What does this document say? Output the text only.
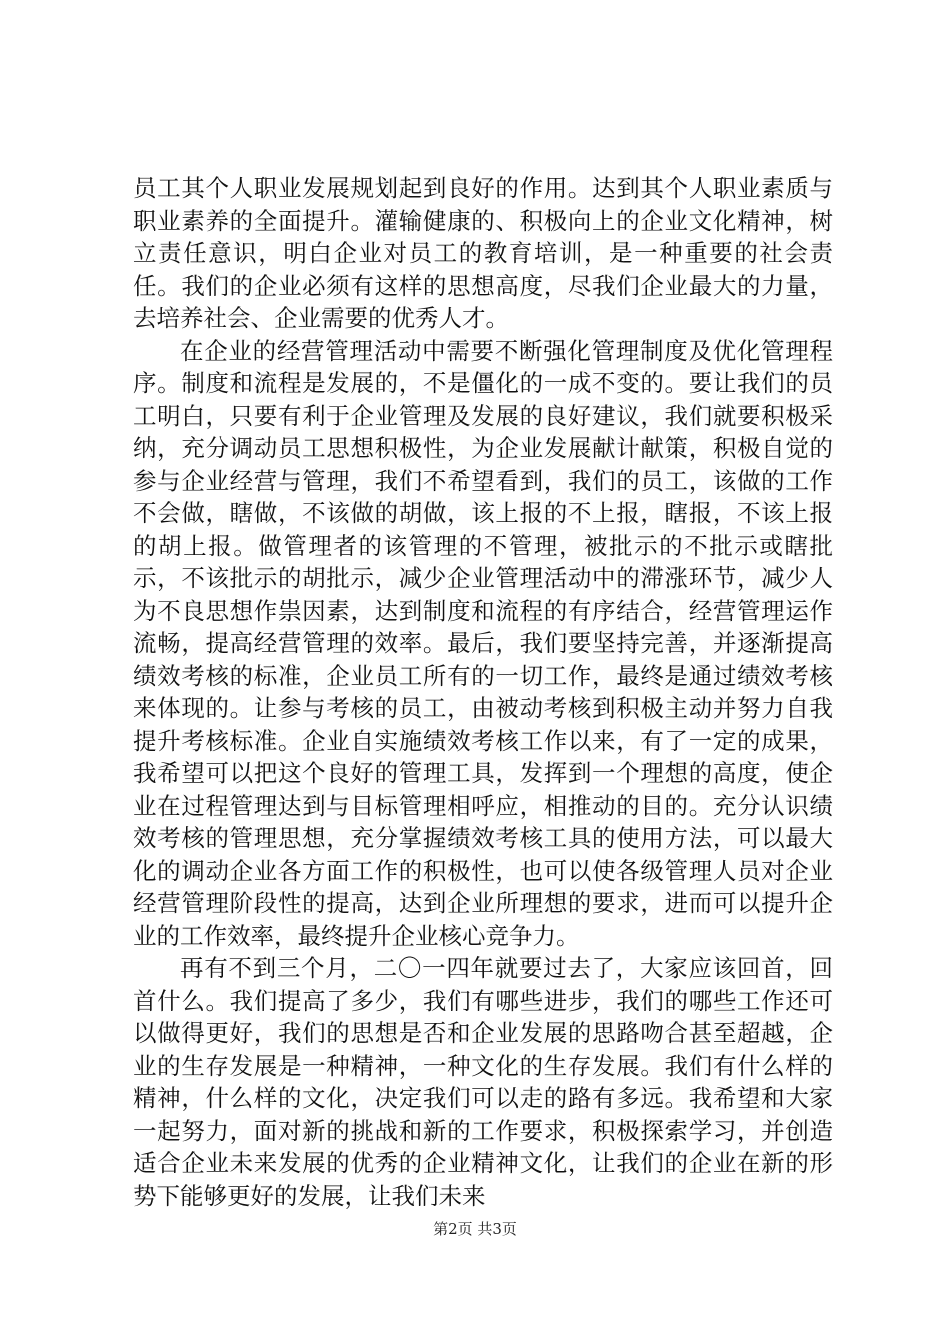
员工其个人职业发展规划起到良好的作用。达到其个人职业素质与职业素养的全面提升。灌输健康的、积极向上的企业文化精神，树立责任意识，明白企业对员工的教育培训，是一种重要的社会责任。我们的企业必须有这样的思想高度，尽我们企业最大的力量，去培养社会、企业需要的优秀人才。

在企业的经营管理活动中需要不断强化管理制度及优化管理程序。制度和流程是发展的，不是僵化的一成不变的。要让我们的员工明白，只要有利于企业管理及发展的良好建议，我们就要积极采纳，充分调动员工思想积极性，为企业发展献计献策，积极自觉的参与企业经营与管理，我们不希望看到，我们的员工，该做的工作不会做，瞎做，不该做的胡做，该上报的不上报，瞎报，不该上报的胡上报。做管理者的该管理的不管理，被批示的不批示或瞎批示，不该批示的胡批示，减少企业管理活动中的滞涨环节，减少人为不良思想作祟因素，达到制度和流程的有序结合，经营管理运作流畅，提高经营管理的效率。最后，我们要坚持完善，并逐渐提高绩效考核的标准，企业员工所有的一切工作，最终是通过绩效考核来体现的。让参与考核的员工，由被动考核到积极主动并努力自我提升考核标准。企业自实施绩效考核工作以来，有了一定的成果，我希望可以把这个良好的管理工具，发挥到一个理想的高度，使企业在过程管理达到与目标管理相呼应，相推动的目的。充分认识绩效考核的管理思想，充分掌握绩效考核工具的使用方法，可以最大化的调动企业各方面工作的积极性，也可以使各级管理人员对企业经营管理阶段性的提高，达到企业所理想的要求，进而可以提升企业的工作效率，最终提升企业核心竞争力。

再有不到三个月，二〇一四年就要过去了，大家应该回首，回首什么。我们提高了多少，我们有哪些进步，我们的哪些工作还可以做得更好，我们的思想是否和企业发展的思路吻合甚至超越，企业的生存发展是一种精神，一种文化的生存发展。我们有什么样的精神，什么样的文化，决定我们可以走的路有多远。我希望和大家一起努力，面对新的挑战和新的工作要求，积极探索学习，并创造适合企业未来发展的优秀的企业精神文化，让我们的企业在新的形势下能够更好的发展，让我们未来

第2页 共3页
